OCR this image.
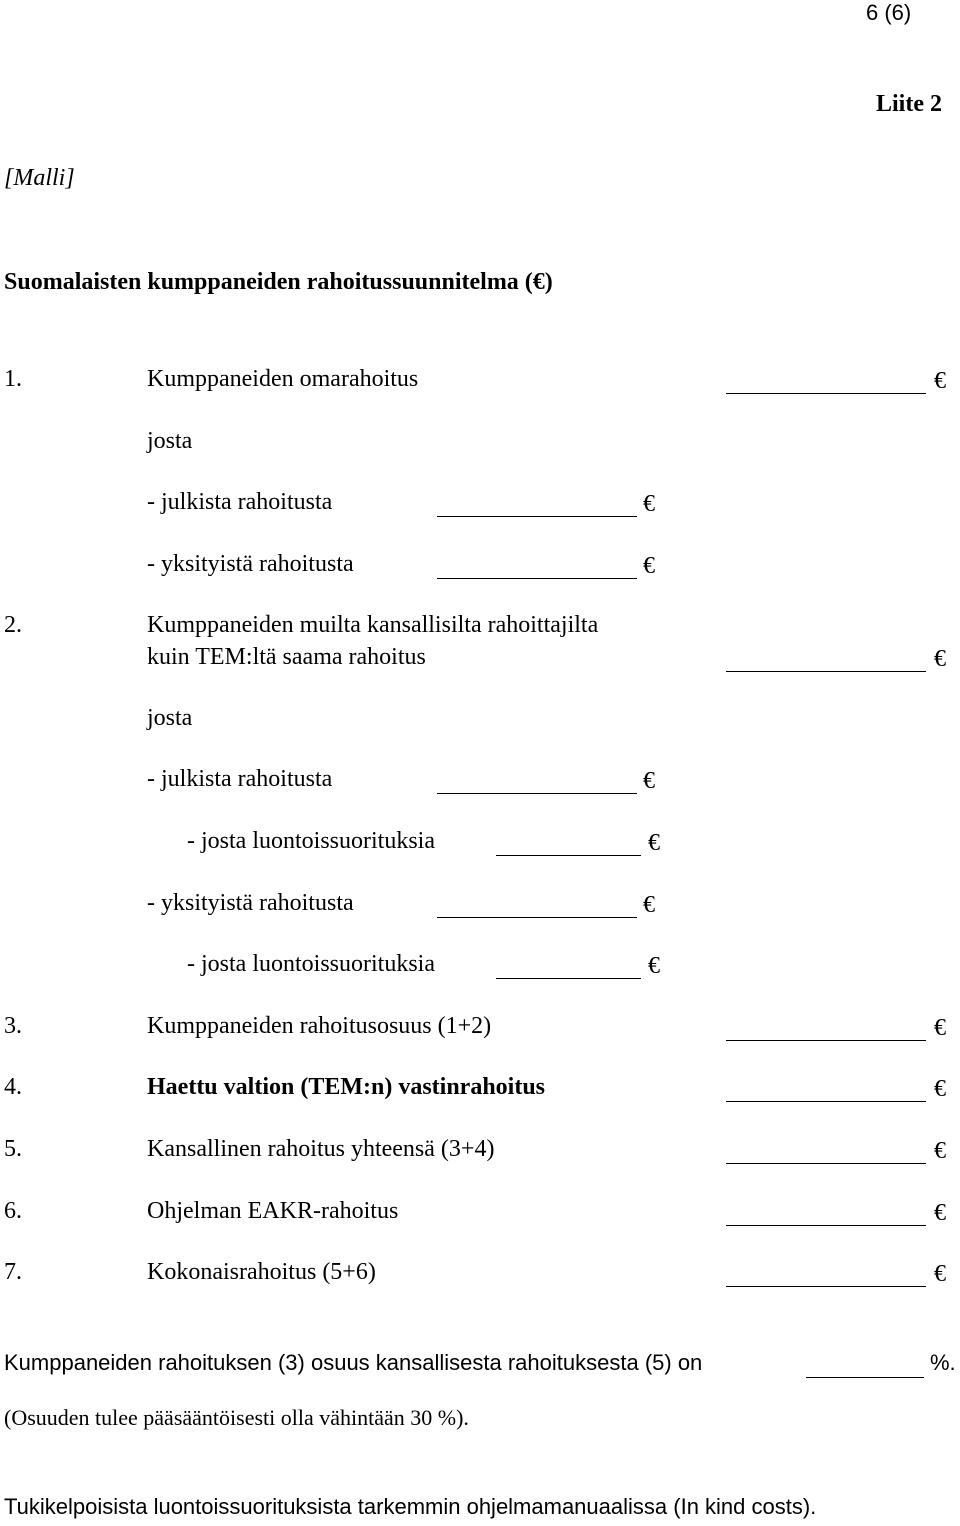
6 (6)
Liite 2
[Malli]
Suomalaisten kumppaneiden rahoitussuunnitelma (€)
1.	Kumppaneiden omarahoitus	€
josta
- julkista rahoitusta	€
- yksityistä rahoitusta	€
2.	Kumppaneiden muilta kansallisilta rahoittajilta
kuin TEM:ltä saama rahoitus	€
josta
- julkista rahoitusta	€
- josta luontoissuorituksia	€
- yksityistä rahoitusta	€
- josta luontoissuorituksia	€
3.	Kumppaneiden rahoitusosuus (1+2)	€
4.	Haettu valtion (TEM:n) vastinrahoitus	€
5.	Kansallinen rahoitus yhteensä (3+4)	€
6.	Ohjelman EAKR-rahoitus	€
7.	Kokonaisrahoitus (5+6)	€
Kumppaneiden rahoituksen (3) osuus kansallisesta rahoituksesta (5) on	%.
(Osuuden tulee pääsääntöisesti olla vähintään 30 %).
Tukikelpoisista luontoissuorituksista tarkemmin ohjelmamanuaalissa (In kind costs).
